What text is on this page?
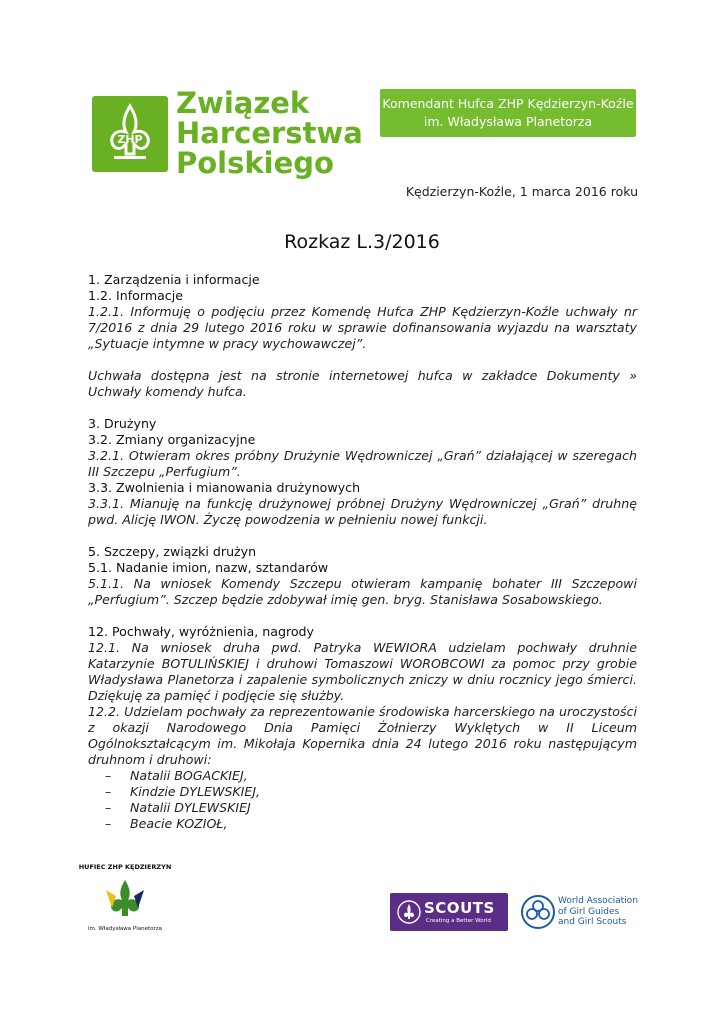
ZHP
Związek
Harcerstwa
Polskiego
Komendant Hufca ZHP Kędzierzyn-Koźle
im. Władysława Planetorza
Kędzierzyn-Koźle, 1 marca 2016 roku
Rozkaz L.3/2016
1. Zarządzenia i informacje
1.2. Informacje
1.2.1. Informuję o podjęciu przez Komendę Hufca ZHP Kędzierzyn-Koźle uchwały nr 7/2016 z dnia 29 lutego 2016 roku w sprawie dofinansowania wyjazdu na warsztaty „Sytuacje intymne w pracy wychowawczej”.
Uchwała dostępna jest na stronie internetowej hufca w zakładce Dokumenty » Uchwały komendy hufca.
3. Drużyny
3.2. Zmiany organizacyjne
3.2.1. Otwieram okres próbny Drużynie Wędrowniczej „Grań” działającej w szeregach III Szczepu „Perfugium”.
3.3. Zwolnienia i mianowania drużynowych
3.3.1. Mianuję na funkcję drużynowej próbnej Drużyny Wędrowniczej „Grań” druhnę pwd. Alicję IWON. Życzę powodzenia w pełnieniu nowej funkcji.
5. Szczepy, związki drużyn
5.1. Nadanie imion, nazw, sztandarów
5.1.1. Na wniosek Komendy Szczepu otwieram kampanię bohater III Szczepowi „Perfugium”. Szczep będzie zdobywał imię gen. bryg. Stanisława Sosabowskiego.
12. Pochwały, wyróżnienia, nagrody
12.1. Na wniosek druha pwd. Patryka WEWIORA udzielam pochwały druhnie Katarzynie BOTULIŃSKIEJ i druhowi Tomaszowi WOROBCOWI za pomoc przy grobie Władysława Planetorza i zapalenie symbolicznych zniczy w dniu rocznicy jego śmierci. Dziękuję za pamięć i podjęcie się służby.
12.2. Udzielam pochwały za reprezentowanie środowiska harcerskiego na uroczystości z okazji Narodowego Dnia Pamięci Żołnierzy Wyklętych w II Liceum Ogólnokształcącym im. Mikołaja Kopernika dnia 24 lutego 2016 roku następującym druhnom i druhowi:
–	Natalii BOGACKIEJ,
–	Kindzie DYLEWSKIEJ,
–	Natalii DYLEWSKIEJ
–	Beacie KOZIOŁ,
HUFIEC ZHP KĘDZIERZYN
im. Władysława Planetorza
SCOUTS
Creating a Better World
World Association
of Girl Guides
and Girl Scouts
